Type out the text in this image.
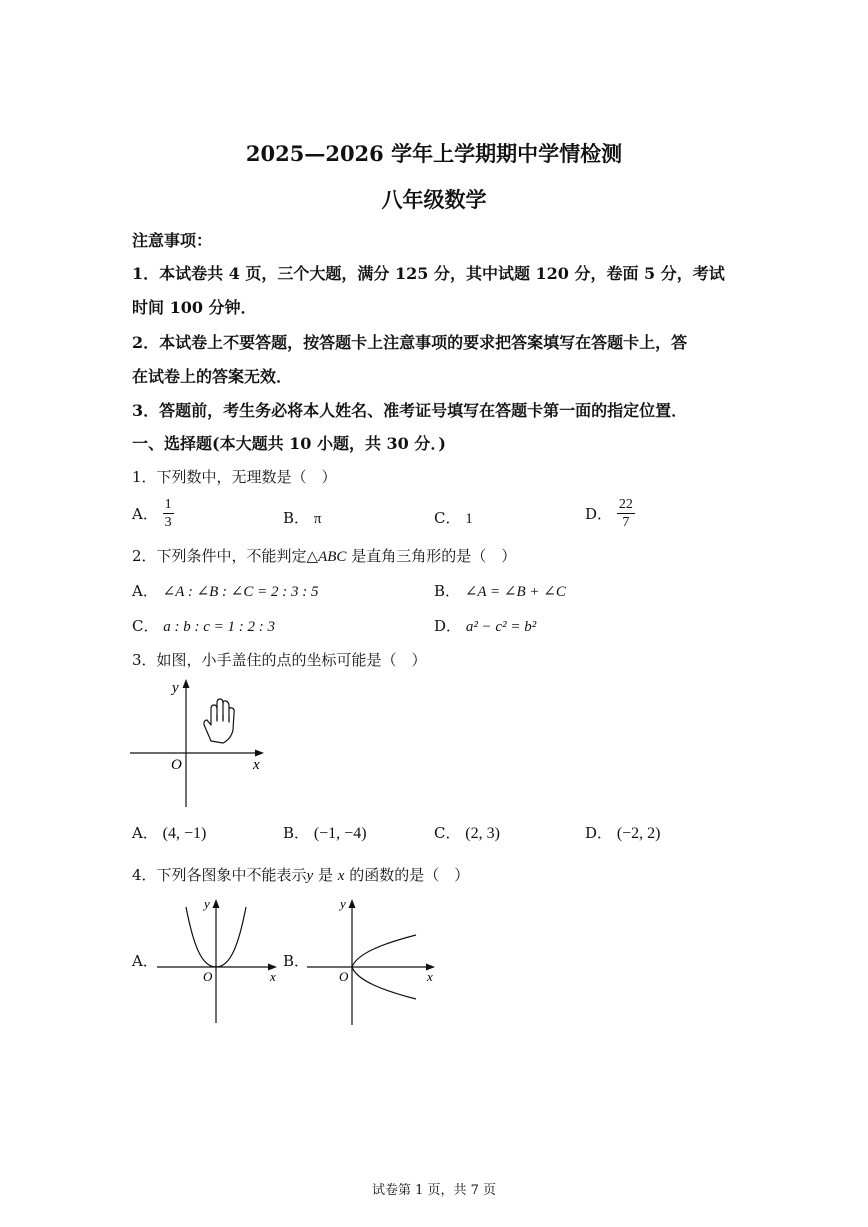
2025—2026 学年上学期期中学情检测
八年级数学
注意事项：
1．本试卷共 4 页，三个大题，满分 125 分，其中试题 120 分，卷面 5 分，考试
时间 100 分钟．
2．本试卷上不要答题，按答题卡上注意事项的要求把答案填写在答题卡上，答
在试卷上的答案无效．
3．答题前，考生务必将本人姓名、准考证号填写在答题卡第一面的指定位置．
一、选择题(本大题共 10 小题，共 30 分．)
1．下列数中，无理数是（　）
A． $\frac{1}{3}$	B． π	C． 1	D． $\frac{22}{7}$
2．下列条件中，不能判定△ABC 是直角三角形的是（　）
A． ∠A : ∠B : ∠C = 2 : 3 : 5	B． ∠A = ∠B + ∠C
C． a : b : c = 1 : 2 : 3	D． a² − c² = b²
3．如图，小手盖住的点的坐标可能是（　）
y
x
O
A． (4, −1)	B． (−1, −4)	C． (2, 3)	D． (−2, 2)
4．下列各图象中不能表示y 是 x 的函数的是（　）
A．
y
x
O
B．
y
x
O
试卷第 1 页，共 7 页
